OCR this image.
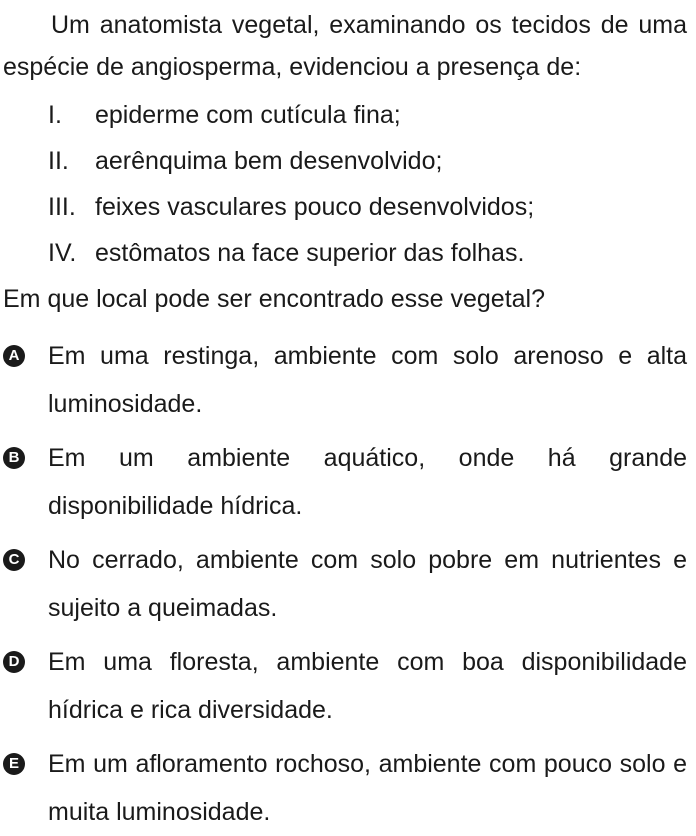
Um anatomista vegetal, examinando os tecidos de uma espécie de angiosperma, evidenciou a presença de:

I.	epiderme com cutícula fina;
II.	aerênquima bem desenvolvido;
III. feixes vasculares pouco desenvolvidos;
IV. estômatos na face superior das folhas.

Em que local pode ser encontrado esse vegetal?

A Em uma restinga, ambiente com solo arenoso e alta luminosidade.
B Em um ambiente aquático, onde há grande disponibilidade hídrica.
C No cerrado, ambiente com solo pobre em nutrientes e sujeito a queimadas.
D Em uma floresta, ambiente com boa disponibilidade hídrica e rica diversidade.
E Em um afloramento rochoso, ambiente com pouco solo e muita luminosidade.
